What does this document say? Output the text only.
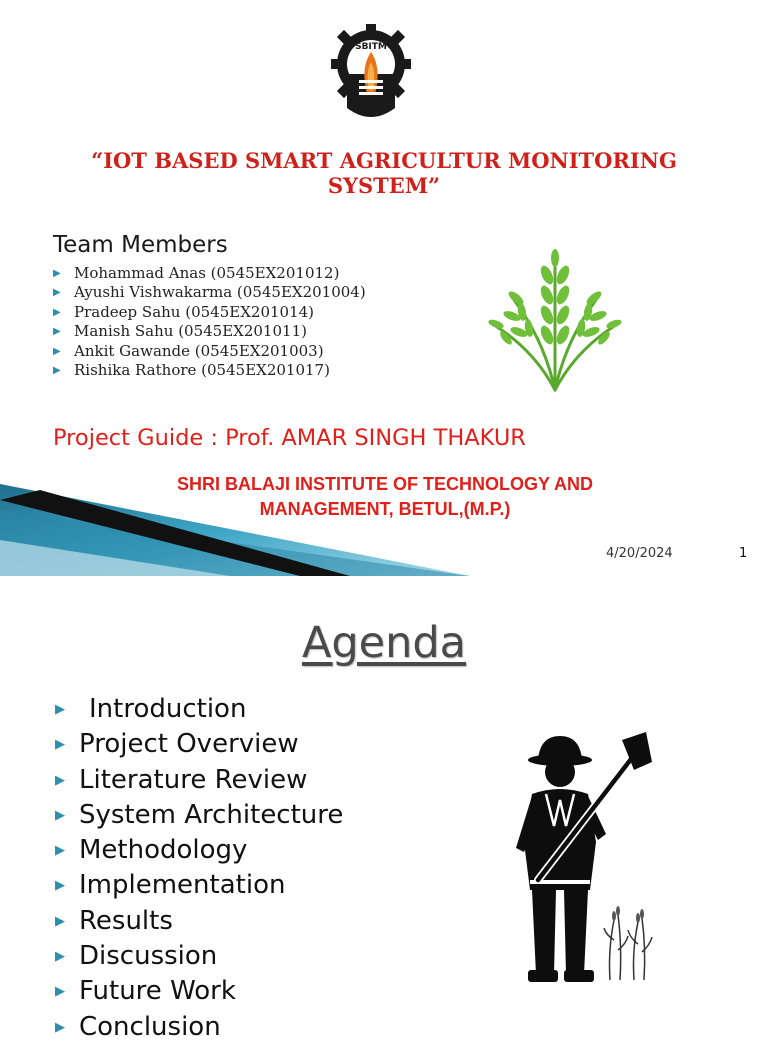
SBITM
“IOT BASED SMART AGRICULTUR MONITORING
SYSTEM”
Team Members
▶ Mohammad Anas (0545EX201012)
▶ Ayushi Vishwakarma (0545EX201004)
▶ Pradeep Sahu (0545EX201014)
▶ Manish Sahu (0545EX201011)
▶ Ankit Gawande (0545EX201003)
▶ Rishika Rathore (0545EX201017)
Project Guide : Prof. AMAR SINGH THAKUR
SHRI BALAJI INSTITUTE OF TECHNOLOGY AND
MANAGEMENT, BETUL,(M.P.)
4/20/2024	1
Agenda
▶ Introduction
▶ Project Overview
▶ Literature Review
▶ System Architecture
▶ Methodology
▶ Implementation
▶ Results
▶ Discussion
▶ Future Work
▶ Conclusion
